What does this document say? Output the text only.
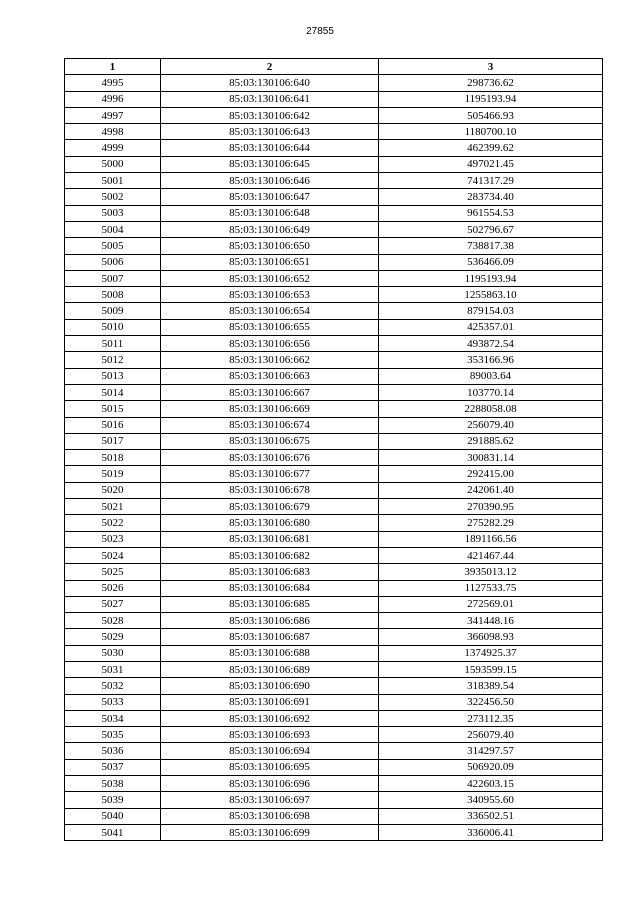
27855
1	2	3
4995	85:03:130106:640	298736.62
4996	85:03:130106:641	1195193.94
4997	85:03:130106:642	505466.93
4998	85:03:130106:643	1180700.10
4999	85:03:130106:644	462399.62
5000	85:03:130106:645	497021.45
5001	85:03:130106:646	741317.29
5002	85:03:130106:647	283734.40
5003	85:03:130106:648	961554.53
5004	85:03:130106:649	502796.67
5005	85:03:130106:650	738817.38
5006	85:03:130106:651	536466.09
5007	85:03:130106:652	1195193.94
5008	85:03:130106:653	1255863.10
5009	85:03:130106:654	879154.03
5010	85:03:130106:655	425357.01
5011	85:03:130106:656	493872.54
5012	85:03:130106:662	353166.96
5013	85:03:130106:663	89003.64
5014	85:03:130106:667	103770.14
5015	85:03:130106:669	2288058.08
5016	85:03:130106:674	256079.40
5017	85:03:130106:675	291885.62
5018	85:03:130106:676	300831.14
5019	85:03:130106:677	292415.00
5020	85:03:130106:678	242061.40
5021	85:03:130106:679	270390.95
5022	85:03:130106:680	275282.29
5023	85:03:130106:681	1891166.56
5024	85:03:130106:682	421467.44
5025	85:03:130106:683	3935013.12
5026	85:03:130106:684	1127533.75
5027	85:03:130106:685	272569.01
5028	85:03:130106:686	341448.16
5029	85:03:130106:687	366098.93
5030	85:03:130106:688	1374925.37
5031	85:03:130106:689	1593599.15
5032	85:03:130106:690	318389.54
5033	85:03:130106:691	322456.50
5034	85:03:130106:692	273112.35
5035	85:03:130106:693	256079.40
5036	85:03:130106:694	314297.57
5037	85:03:130106:695	506920.09
5038	85:03:130106:696	422603.15
5039	85:03:130106:697	340955.60
5040	85:03:130106:698	336502.51
5041	85:03:130106:699	336006.41
